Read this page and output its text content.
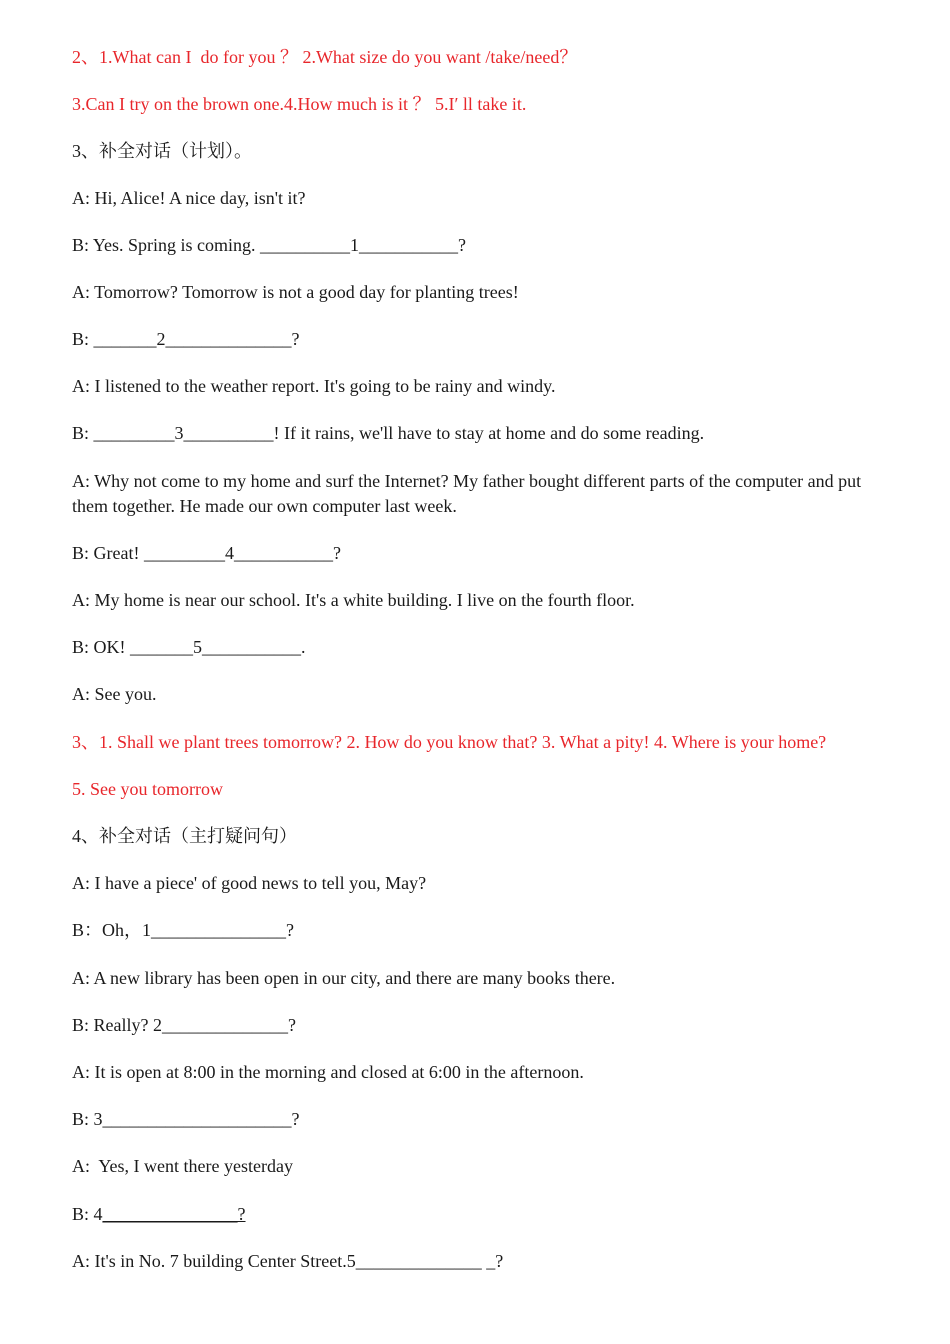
2、1.What can I  do for you ？ 2.What size do you want /take/need？
3.Can I try on the brown one.4.How much is it ？ 5.I′ ll take it.
3、补全对话（计划）。
A: Hi, Alice! A nice day, isn't it?
B: Yes. Spring is coming. __________1___________?
A: Tomorrow? Tomorrow is not a good day for planting trees!
B: _______2______________?
A: I listened to the weather report. It's going to be rainy and windy.
B: _________3__________! If it rains, we'll have to stay at home and do some reading.
A: Why not come to my home and surf the Internet? My father bought different parts of the computer and put them together. He made our own computer last week.
B: Great! _________4___________?
A: My home is near our school. It's a white building. I live on the fourth floor.
B: OK! _______5___________.
A: See you.
3、1. Shall we plant trees tomorrow? 2. How do you know that? 3. What a pity! 4. Where is your home?
5. See you tomorrow
4、补全对话（主打疑问句）
A: I have a piece' of good news to tell you, May?
B：Oh，1_______________?
A: A new library has been open in our city, and there are many books there.
B: Really? 2______________?
A: It is open at 8:00 in the morning and closed at 6:00 in the afternoon.
B: 3_____________________?
A:  Yes, I went there yesterday
B: 4_______________?
A: It's in No. 7 building Center Street.5______________ _?
